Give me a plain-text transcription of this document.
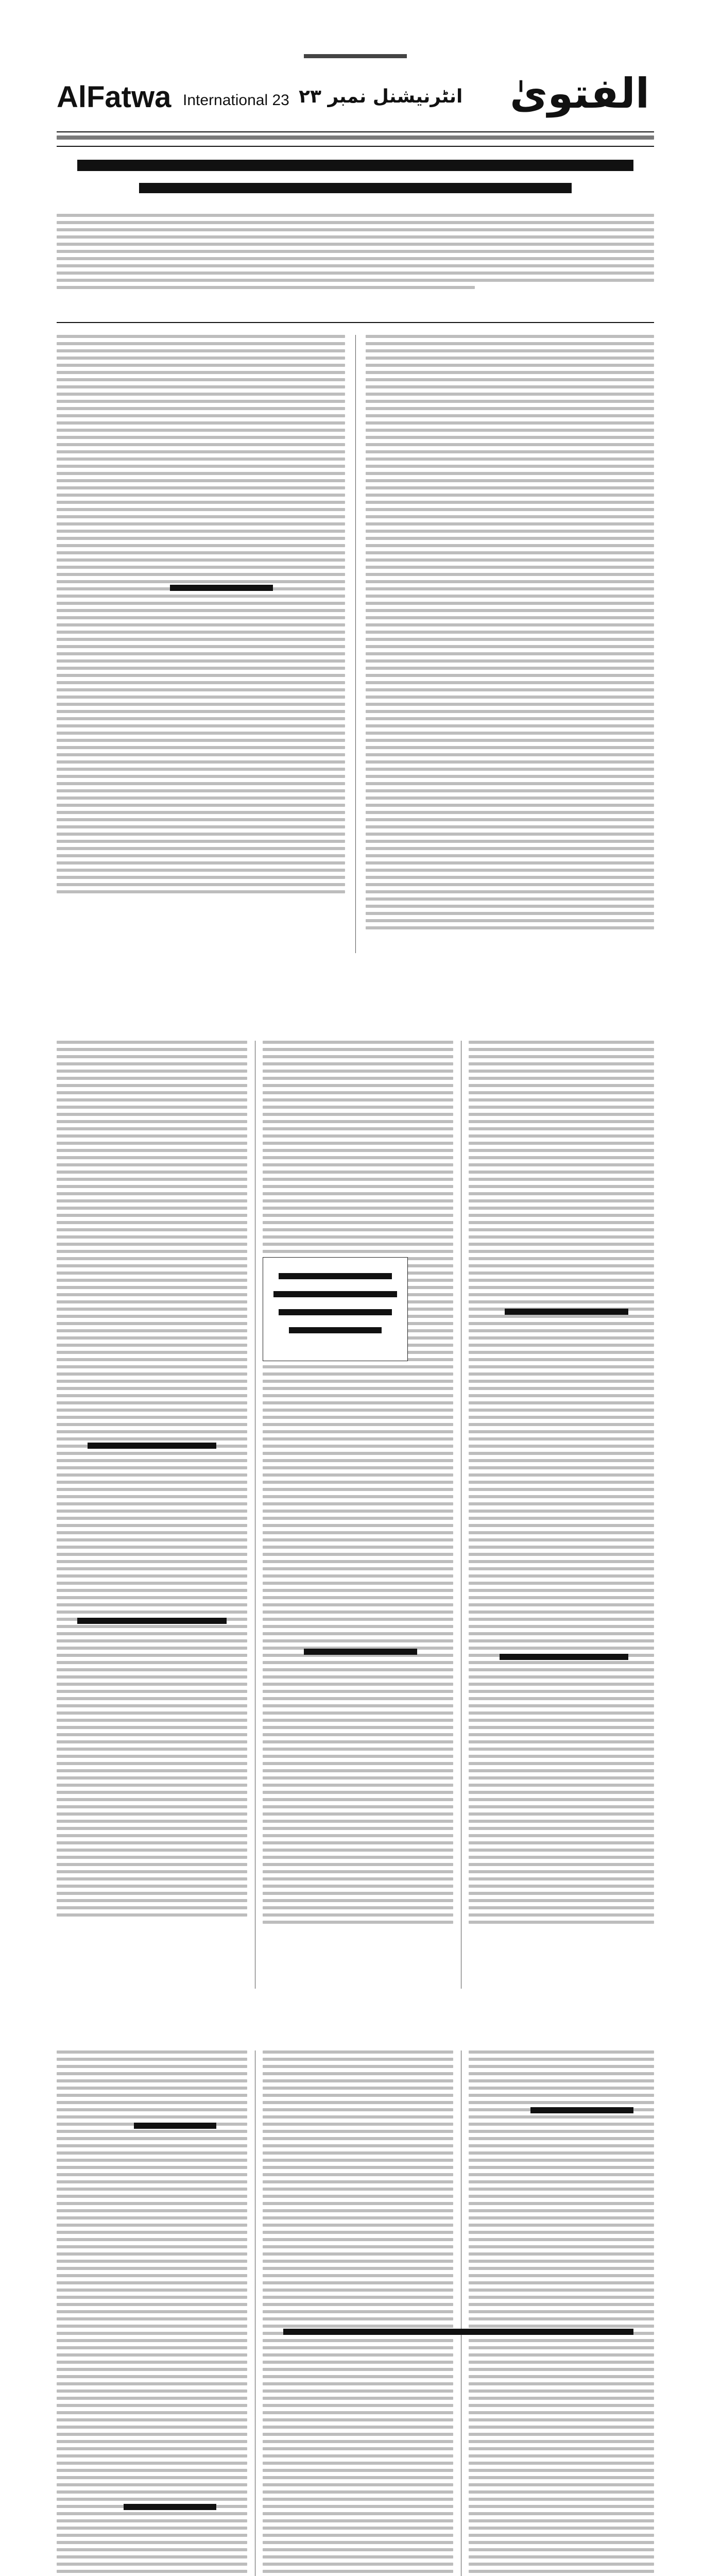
AlFatwa International 23 انٹرنیشنل نمبر ۲۳ الفتویٰ
